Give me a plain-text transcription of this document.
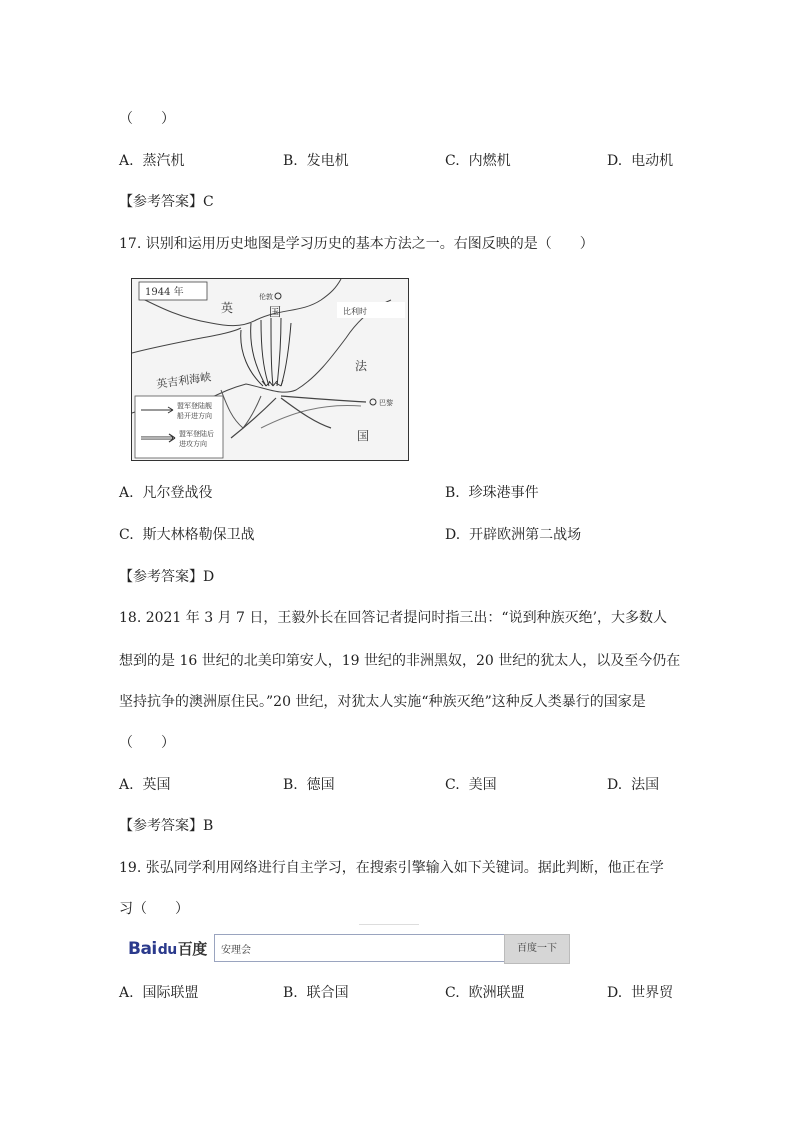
（　　）
A. 蒸汽机	B. 发电机	C. 内燃机	D. 电动机
【参考答案】C
17. 识别和运用历史地图是学习历史的基本方法之一。右图反映的是（　　）
1944 年
英	国
伦敦
比利时
法
国
英吉利海峡
巴黎
盟军登陆舰
船开进方向
盟军登陆后
进攻方向
A. 凡尔登战役	B. 珍珠港事件
C. 斯大林格勒保卫战	D. 开辟欧洲第二战场
【参考答案】D
18. 2021 年 3 月 7 日，王毅外长在回答记者提问时指三出：“说到种族灭绝’，大多数人
想到的是 16 世纪的北美印第安人，19 世纪的非洲黑奴，20 世纪的犹太人，以及至今仍在
坚持抗争的澳洲原住民。”20 世纪，对犹太人实施“种族灭绝”这种反人类暴行的国家是
（　　）
A. 英国	B. 德国	C. 美国	D. 法国
【参考答案】B
19. 张弘同学利用网络进行自主学习，在搜索引擎输入如下关键词。据此判断，他正在学
习（　　）
Baidu百度 安理会	百度一下
A. 国际联盟	B. 联合国	C. 欧洲联盟	D. 世界贸
